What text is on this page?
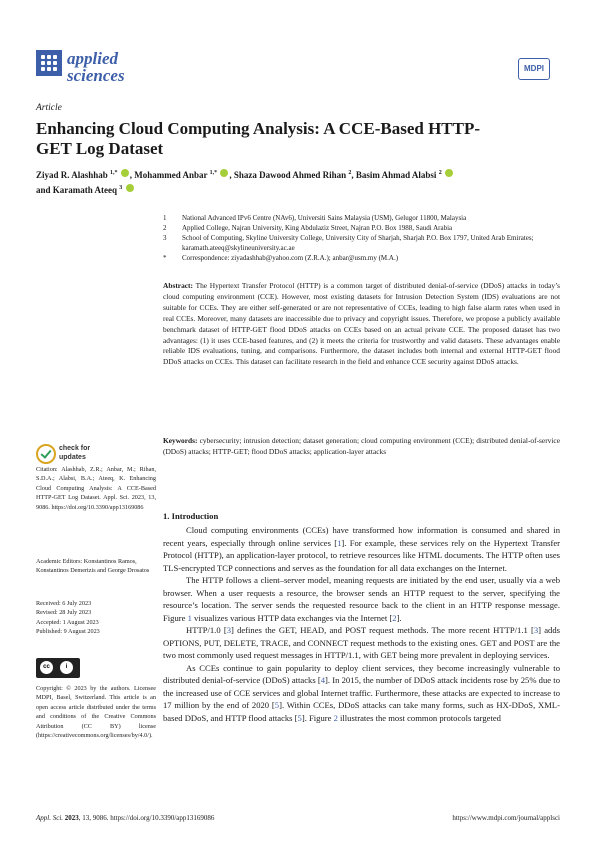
applied
sciences	MDPI
Article
Enhancing Cloud Computing Analysis: A CCE-Based HTTP-GET Log Dataset
Ziyad R. Alashhab $^{1,*}$ , Mohammed Anbar $^{1,*}$ , Shaza Dawood Ahmed Rihan $^2$, Basim Ahmad Alabsi $^2$
and Karamath Ateeq $^3$
1 National Advanced IPv6 Centre (NAv6), Universiti Sains Malaysia (USM), Gelugor 11800, Malaysia
2 Applied College, Najran University, King Abdulaziz Street, Najran P.O. Box 1988, Saudi Arabia
3 School of Computing, Skyline University College, University City of Sharjah, Sharjah P.O. Box 1797, United Arab Emirates; karamath.ateeq@skylineuniversity.ac.ae
* Correspondence: ziyadashhab@yahoo.com (Z.R.A.); anbar@usm.my (M.A.)
Abstract: The Hypertext Transfer Protocol (HTTP) is a common target of distributed denial-of-service (DDoS) attacks in today’s cloud computing environment (CCE). However, most existing datasets for Intrusion Detection System (IDS) evaluations are not suitable for CCEs. They are either self-generated or are not representative of CCEs, leading to high false alarm rates when used in real CCEs. Moreover, many datasets are inaccessible due to privacy and copyright issues. Therefore, we propose a publicly available benchmark dataset of HTTP-GET flood DDoS attacks on CCEs based on an actual private CCE. The proposed dataset has two advantages: (1) it uses CCE-based features, and (2) it meets the criteria for trustworthy and valid datasets. These advantages enable reliable IDS evaluations, tuning, and comparisons. Furthermore, the dataset includes both internal and external HTTP-GET flood DDoS attacks on CCEs. This dataset can facilitate research in the field and enhance CCE security against DDoS attacks.
Keywords: cybersecurity; intrusion detection; dataset generation; cloud computing environment (CCE); distributed denial-of-service (DDoS) attacks; HTTP-GET; flood DDoS attacks; application-layer attacks
check for
updates
Citation: Alashhab, Z.R.; Anbar, M.; Rihan, S.D.A.; Alabsi, B.A.; Ateeq, K. Enhancing Cloud Computing Analysis: A CCE-Based HTTP-GET Log Dataset. Appl. Sci. 2023, 13, 9086. https://doi.org/10.3390/app13169086
Academic Editors: Konstantinos Ramos, Konstantinos Demertzis and George Drosatos
Received: 6 July 2023
Revised: 28 July 2023
Accepted: 1 August 2023
Published: 9 August 2023
cc	i
Copyright: © 2023 by the authors. Licensee MDPI, Basel, Switzerland. This article is an open access article distributed under the terms and conditions of the Creative Commons Attribution (CC BY) license (https://creativecommons.org/licenses/by/4.0/).
1. Introduction

Cloud computing environments (CCEs) have transformed how information is consumed and shared in recent years, especially through online services [1]. For example, these services rely on the Hypertext Transfer Protocol (HTTP), an application-layer protocol, to retrieve resources like HTML documents. The HTTP often uses TLS-encrypted TCP connections and serves as the foundation for all data exchanges on the Internet.

The HTTP follows a client–server model, meaning requests are initiated by the end user, usually via a web browser. When a user requests a resource, the browser sends an HTTP request to the server, specifying the resource’s location. The server sends the requested resource back to the client in an HTTP response message. Figure 1 visualizes various HTTP data exchanges via the Internet [2].

HTTP/1.0 [3] defines the GET, HEAD, and POST request methods. The more recent HTTP/1.1 [3] adds OPTIONS, PUT, DELETE, TRACE, and CONNECT request methods to the existing ones. GET and POST are the two most commonly used request messages in HTTP/1.1, with GET being more prevalent in deploying services.

As CCEs continue to gain popularity to deploy client services, they become increasingly vulnerable to distributed denial-of-service (DDoS) attacks [4]. In 2015, the number of DDoS attack incidents rose by 25% due to the increased use of CCE services and global Internet traffic. Furthermore, these attacks are expected to increase to 17 million by the end of 2020 [5]. Within CCEs, DDoS attacks can take many forms, such as HX-DDoS, XML-based DDoS, and HTTP flood attacks [5]. Figure 2 illustrates the most common protocols targeted

Appl. Sci. 2023, 13, 9086. https://doi.org/10.3390/app13169086	https://www.mdpi.com/journal/applsci
